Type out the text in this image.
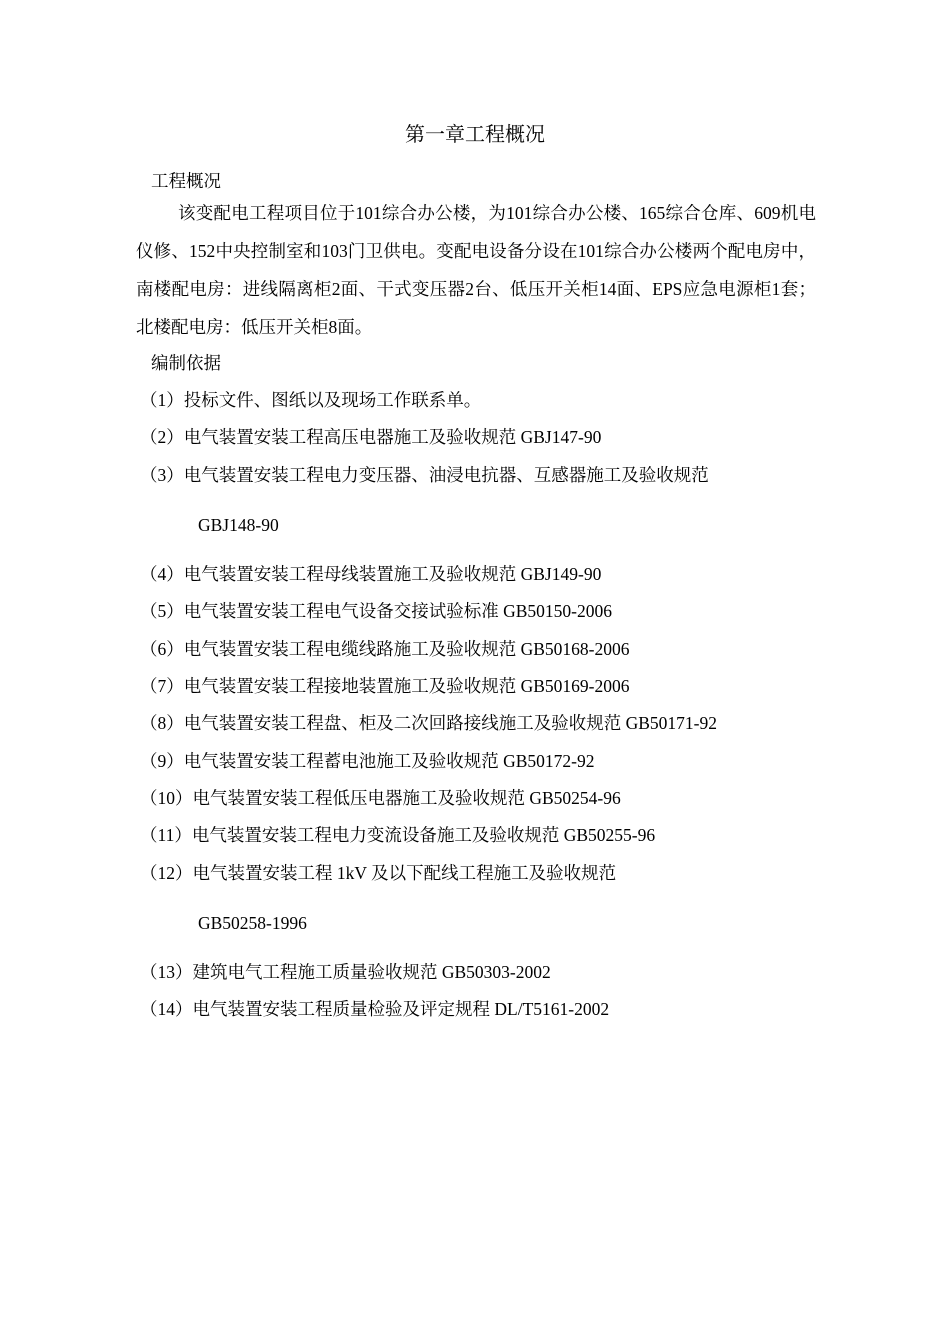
第一章工程概况
工程概况
该变配电工程项目位于101综合办公楼，为101综合办公楼、165综合仓库、609机电仪修、152中央控制室和103门卫供电。变配电设备分设在101综合办公楼两个配电房中，南楼配电房：进线隔离柜2面、干式变压器2台、低压开关柜14面、EPS应急电源柜1套；北楼配电房：低压开关柜8面。
编制依据
（1）投标文件、图纸以及现场工作联系单。
（2）电气装置安装工程高压电器施工及验收规范 GBJ147-90
（3）电气装置安装工程电力变压器、油浸电抗器、互感器施工及验收规范
GBJ148-90
（4）电气装置安装工程母线装置施工及验收规范 GBJ149-90
（5）电气装置安装工程电气设备交接试验标准 GB50150-2006
（6）电气装置安装工程电缆线路施工及验收规范 GB50168-2006
（7）电气装置安装工程接地装置施工及验收规范 GB50169-2006
（8）电气装置安装工程盘、柜及二次回路接线施工及验收规范 GB50171-92
（9）电气装置安装工程蓄电池施工及验收规范 GB50172-92
（10）电气装置安装工程低压电器施工及验收规范 GB50254-96
（11）电气装置安装工程电力变流设备施工及验收规范 GB50255-96
（12）电气装置安装工程 1kV 及以下配线工程施工及验收规范
GB50258-1996
（13）建筑电气工程施工质量验收规范 GB50303-2002
（14）电气装置安装工程质量检验及评定规程 DL/T5161-2002
